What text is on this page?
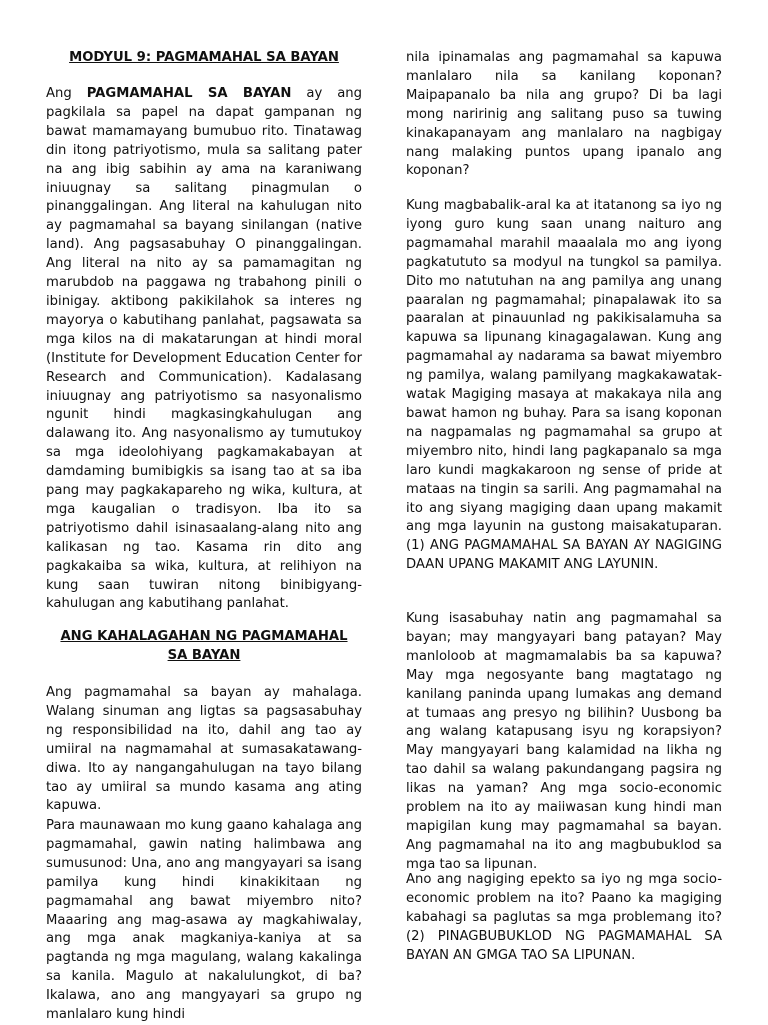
MODYUL 9: PAGMAMAHAL SA BAYAN

Ang PAGMAMAHAL SA BAYAN ay ang pagkilala sa papel na dapat gampanan ng bawat mamamayang bumubuo rito. Tinatawag din itong patriyotismo, mula sa salitang pater na ang ibig sabihin ay ama na karaniwang iniuugnay sa salitang pinagmulan o pinanggalingan. Ang literal na kahulugan nito ay pagmamahal sa bayang sinilangan (native land). Ang pagsasabuhay O pinanggalingan. Ang literal na nito ay sa pamamagitan ng marubdob na paggawa ng trabahong pinili o ibinigay. aktibong pakikilahok sa interes ng mayorya o kabutihang panlahat, pagsawata sa mga kilos na di makatarungan at hindi moral (Institute for Development Education Center for Research and Communication). Kadalasang iniuugnay ang patriyotismo sa nasyonalismo ngunit hindi magkasingkahulugan ang dalawang ito. Ang nasyonalismo ay tumutukoy sa mga ideolohiyang pagkamakabayan at damdaming bumibigkis sa isang tao at sa iba pang may pagkakapareho ng wika, kultura, at mga kaugalian o tradisyon. Iba ito sa patriyotismo dahil isinasaalang-alang nito ang kalikasan ng tao. Kasama rin dito ang pagkakaiba sa wika, kultura, at relihiyon na kung saan tuwiran nitong binibigyang-kahulugan ang kabutihang panlahat.

ANG KAHALAGAHAN NG PAGMAMAHAL
SA BAYAN

Ang pagmamahal sa bayan ay mahalaga. Walang sinuman ang ligtas sa pagsasabuhay ng responsibilidad na ito, dahil ang tao ay umiiral na nagmamahal at sumasakatawang-diwa. Ito ay nangangahulugan na tayo bilang tao ay umiiral sa mundo kasama ang ating kapuwa.

Para maunawaan mo kung gaano kahalaga ang pagmamahal, gawin nating halimbawa ang sumusunod: Una, ano ang mangyayari sa isang pamilya kung hindi kinakikitaan ng pagmamahal ang bawat miyembro nito? Maaaring ang mag-asawa ay magkahiwalay, ang mga anak magkaniya-kaniya at sa pagtanda ng mga magulang, walang kakalinga sa kanila. Magulo at nakalulungkot, di ba? Ikalawa, ano ang mangyayari sa grupo ng manlalaro kung hindi

nila ipinamalas ang pagmamahal sa kapuwa manlalaro nila sa kanilang koponan? Maipapanalo ba nila ang grupo? Di ba lagi mong naririnig ang salitang puso sa tuwing kinakapanayam ang manlalaro na nagbigay nang malaking puntos upang ipanalo ang koponan?

Kung magbabalik-aral ka at itatanong sa iyo ng iyong guro kung saan unang naituro ang pagmamahal marahil maaalala mo ang iyong pagkatututo sa modyul na tungkol sa pamilya. Dito mo natutuhan na ang pamilya ang unang paaralan ng pagmamahal; pinapalawak ito sa paaralan at pinauunlad ng pakikisalamuha sa kapuwa sa lipunang kinagagalawan. Kung ang pagmamahal ay nadarama sa bawat miyembro ng pamilya, walang pamilyang magkakawatak-watak Magiging masaya at makakaya nila ang bawat hamon ng buhay. Para sa isang koponan na nagpamalas ng pagmamahal sa grupo at miyembro nito, hindi lang pagkapanalo sa mga laro kundi magkakaroon ng sense of pride at mataas na tingin sa sarili. Ang pagmamahal na ito ang siyang magiging daan upang makamit ang mga layunin na gustong maisakatuparan. (1) ANG PAGMAMAHAL SA BAYAN AY NAGIGING DAAN UPANG MAKAMIT ANG LAYUNIN.

Kung isasabuhay natin ang pagmamahal sa bayan; may mangyayari bang patayan? May manloloob at magmamalabis ba sa kapuwa? May mga negosyante bang magtatago ng kanilang paninda upang lumakas ang demand at tumaas ang presyo ng bilihin? Uusbong ba ang walang katapusang isyu ng korapsiyon? May mangyayari bang kalamidad na likha ng tao dahil sa walang pakundangang pagsira ng likas na yaman? Ang mga socio-economic problem na ito ay maiiwasan kung hindi man mapigilan kung may pagmamahal sa bayan. Ang pagmamahal na ito ang magbubuklod sa mga tao sa lipunan.

Ano ang nagiging epekto sa iyo ng mga socio-economic problem na ito? Paano ka magiging kabahagi sa paglutas sa mga problemang ito? (2) PINAGBUBUKLOD NG PAGMAMAHAL SA BAYAN AN GMGA TAO SA LIPUNAN.
